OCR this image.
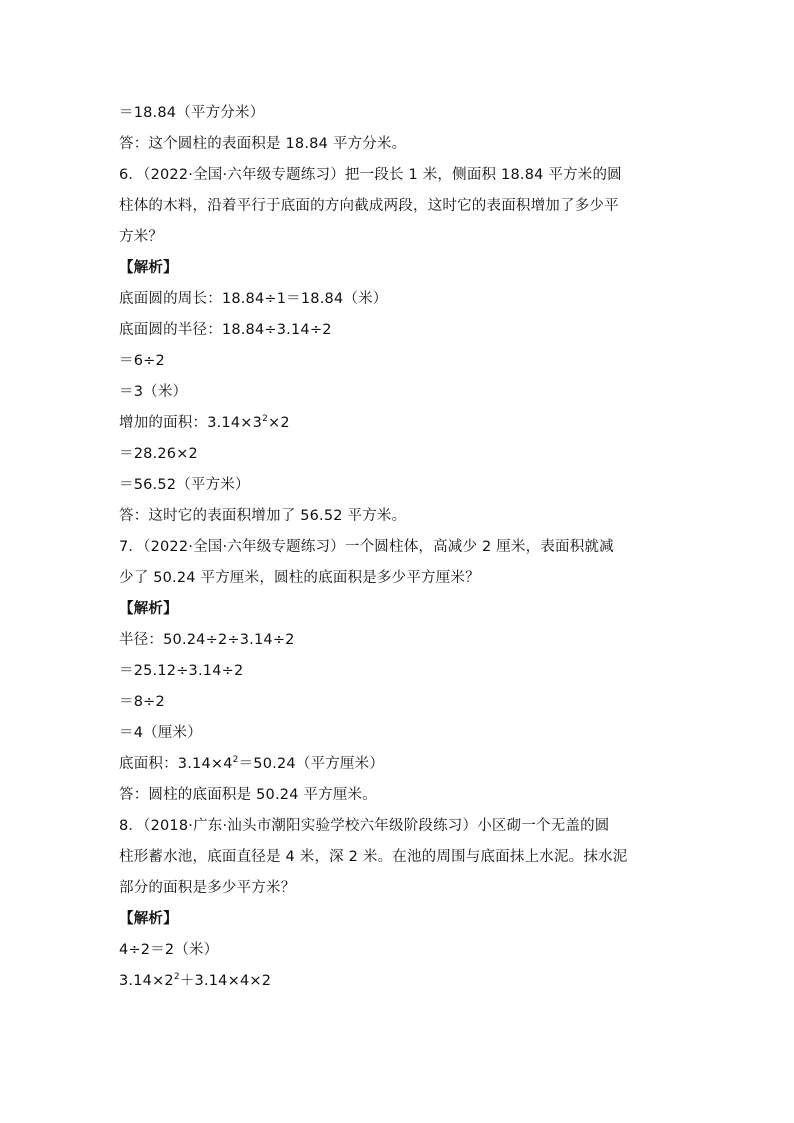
＝18.84（平方分米）
答：这个圆柱的表面积是 18.84 平方分米。
6．（2022·全国·六年级专题练习）把一段长 1 米，侧面积 18.84 平方米的圆
柱体的木料，沿着平行于底面的方向截成两段，这时它的表面积增加了多少平
方米？
【解析】
底面圆的周长：18.84÷1＝18.84（米）
底面圆的半径：18.84÷3.14÷2
＝6÷2
＝3（米）
增加的面积：$3.14\times 3^2\times 2$
＝28.26×2
＝56.52（平方米）
答：这时它的表面积增加了 56.52 平方米。
7．（2022·全国·六年级专题练习）一个圆柱体，高减少 2 厘米，表面积就减
少了 50.24 平方厘米，圆柱的底面积是多少平方厘米？
【解析】
半径：50.24÷2÷3.14÷2
＝25.12÷3.14÷2
＝8÷2
＝4（厘米）
底面积：$3.14\times 4^2=50.24$（平方厘米）
答：圆柱的底面积是 50.24 平方厘米。
8．（2018·广东·汕头市潮阳实验学校六年级阶段练习）小区砌一个无盖的圆
柱形蓄水池，底面直径是 4 米，深 2 米。在池的周围与底面抹上水泥。抹水泥
部分的面积是多少平方米？
【解析】
4÷2＝2（米）
$3.14\times 2^2+3.14\times 4\times 2$
